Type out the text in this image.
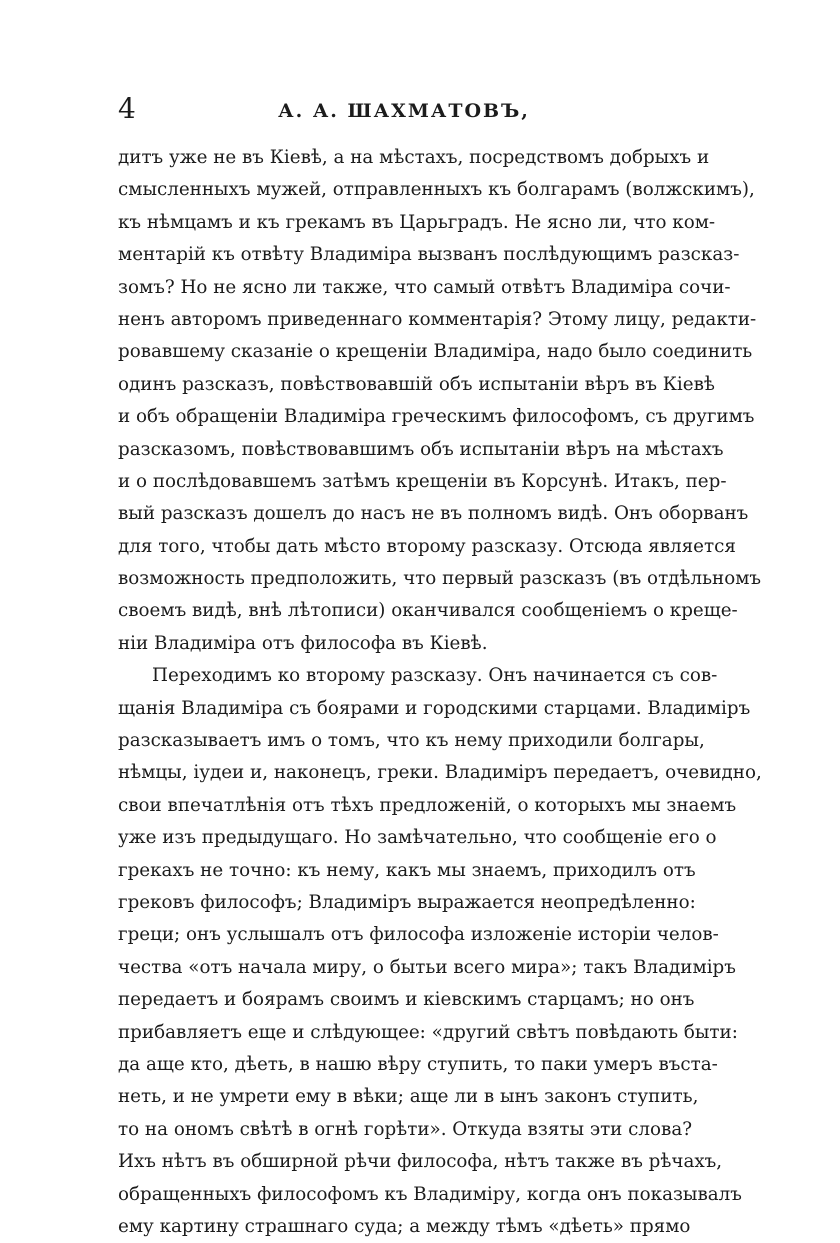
4	А. А. ШАХМАТОВЪ,
дитъ уже не въ Кіевѣ, а на мѣстахъ, посредствомъ добрыхъ и
смысленныхъ мужей, отправленныхъ къ болгарамъ (волжскимъ),
къ нѣмцамъ и къ грекамъ въ Царьградъ. Не ясно ли, что ком-
ментарій къ отвѣту Владиміра вызванъ послѣдующимъ разсказ-
зомъ? Но не ясно ли также, что самый отвѣтъ Владиміра сочи-
ненъ авторомъ приведеннаго комментарія? Этому лицу, редакти-
ровавшему сказаніе о крещеніи Владиміра, надо было соединить
одинъ разсказъ, повѣствовавшій объ испытаніи вѣръ въ Кіевѣ
и объ обращеніи Владиміра греческимъ философомъ, съ другимъ
разсказомъ, повѣствовавшимъ объ испытаніи вѣръ на мѣстахъ
и о послѣдовавшемъ затѣмъ крещеніи въ Корсунѣ. Итакъ, пер-
вый разсказъ дошелъ до насъ не въ полномъ видѣ. Онъ оборванъ
для того, чтобы дать мѣсто второму разсказу. Отсюда является
возможность предположить, что первый разсказъ (въ отдѣльномъ
своемъ видѣ, внѣ лѣтописи) оканчивался сообщеніемъ о креще-
ніи Владиміра отъ философа въ Кіевѣ.
Переходимъ ко второму разсказу. Онъ начинается съ сов-
щанія Владиміра съ боярами и городскими старцами. Владиміръ
разсказываетъ имъ о томъ, что къ нему приходили болгары,
нѣмцы, іудеи и, наконецъ, греки. Владиміръ передаетъ, очевидно,
свои впечатлѣнія отъ тѣхъ предложеній, о которыхъ мы знаемъ
уже изъ предыдущаго. Но замѣчательно, что сообщеніе его о
грекахъ не точно: къ нему, какъ мы знаемъ, приходилъ отъ
грековъ философъ; Владиміръ выражается неопредѣленно:
греци; онъ услышалъ отъ философа изложеніе исторіи челов-
чества «отъ начала миру, о бытьи всего мира»; такъ Владиміръ
передаетъ и боярамъ своимъ и кіевскимъ старцамъ; но онъ
прибавляетъ еще и слѣдующее: «другий свѣтъ повѣдають быти:
да аще кто, дѣеть, в нашю вѣру ступить, то паки умеръ въста-
неть, и не умрети ему в вѣки; аще ли в ынъ законъ ступить,
то на ономъ свѣтѣ в огнѣ горѣти». Откуда взяты эти слова?
Ихъ нѣтъ въ обширной рѣчи философа, нѣтъ также въ рѣчахъ,
обращенныхъ философомъ къ Владиміру, когда онъ показывалъ
ему картину страшнаго суда; а между тѣмъ «дѣеть» прямо
